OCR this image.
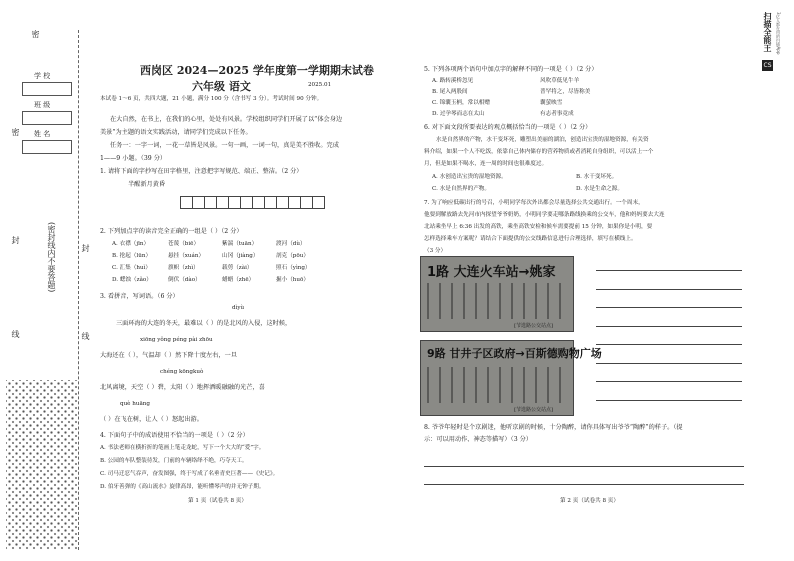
密
学 校
班 级
姓 名
密
(密封线内不要答题)
封
线
封
线
西岗区 2024—2025 学年度第一学期期末试卷
六年级 语文	2025.01
本试卷 1～6 页，共四大题，21 小题，满分 100 分（含书写 3 分）。考试时间 90 分钟。
在大自然，在书上，在我们的心里，处处有风景。学校组织同学们开展了以“体会身边
美景”为主题的语文实践活动，请同学们完成以下任务。
任务一：一字一词，一花一草皆是风景。一句一画，一词一句，真是美不胜收。完成
1——9 小题。（39 分）
1. 请将下面的字抄写在田字格里，注意把字写规范、端正、整洁。（2 分）
半醒新月黄昏
2. 下列加点字的读音完全正确的一组是（ ）（2 分）
A. 衣襟（jīn）	苍蔑（biē）	紫湍（tuān）	渡河（dù）
B. 抢起（lūn）	悬挂（xuán）	山冈（jiàng）	剖克（pōu）
C. 汇集（huì）	旗帜（zhì）	载剪（zài）	照石（yìng）
D. 蟋蚀（zǎo）	倒伏（dào）	蜡蜡（zhē）	掘小（huō）
3. 看拼音，写词语。（6 分）
dìyù
三面环海的大连的冬天，最难以（ ）的是北风的入侵，这时候，
xiōng yǒng péng pài zhōu
大海还在（ ），气温却（ ）然下降十度左右，一旦
chéng kōngkuò
北风离境，天空（ ）碧，太阳（ ）地挥洒暖融融的光芒，喜
què huāng
（ ）在飞在树，让人（ ）怒起出游。
4. 下面句子中的成语使用不恰当的一项是（ ）（2 分）
A. 书法老师在横折折的笔画上笔走龙蛇，写下一个大大的“爱”字。
B. 公园的车队整装待发，门前的车辆络绎不绝，巧夺天工。
C. 司马迁忍气吞声，奋发图强，终于写成了名垂青史巨著——《史记》。
D. 伯牙善弹的《高山流水》旋律高昂，能听懂琴声的并无钟子期。
第 1 页（试卷共 8 页）
5. 下列各项两个语句中加点字的解释不同的一项是（ ）（2 分）
A. 路转溪桥忽见	风吹草低见牛羊
B. 尾入两股间	普罕将之，尽皆称美
C. 锦囊玉柄，常以相赠	囊萤映雪
D. 过孕琴而志在太山	有志者事竟成
6. 对下面文段所要表达的观点概括恰当的一项是（ ）（2 分）
水是自然界的产物，水干变坏死，雕塑出美丽的湖泊，创造出宝贵的湿地资源，有关资
料介绍，如果一个人不吃饭，依靠自己体内储存的营养物质或者消耗自身组织，可以活上一个
月，但是如果不喝水，连一周的时间也很难度过。
A. 水创造出宝贵的湿地资源。	B. 水干变坏死。
C. 水是自然界的产物。	D. 水是生命之源。
7. 为了响应低碳出行的号召，小明同学每次外出都会尽量选择公共交通出行。一个周末，
他要到解放路去先河市内探望爷爷奶奶，小明同学要走哪条路线换乘的公交车，他和妈妈要去大连
北站乘坐早上 6:36 出发的高铁，乘坐高铁安检和候车需要提前 15 分钟，如果你是小明，要
怎样选择乘车方案呢？请结合下面提供的公交线路信息进行合理选择，填写在横线上。
（3 分）
1路 大连火车站→姚家
[节选路公交站点]
9路 甘井子区政府→百斯德购物广场
[节选路公交站点]
8. 爷爷年轻时是个京剧迷，他听京剧的时候，十分陶醉，请你具体写出爷爷“陶醉”的样子。（提
示：可以用动作、神态等描写）（3 分）
第 2 页（试卷共 8 页）
CS
扫描全能王 3亿人都在用的扫描App
